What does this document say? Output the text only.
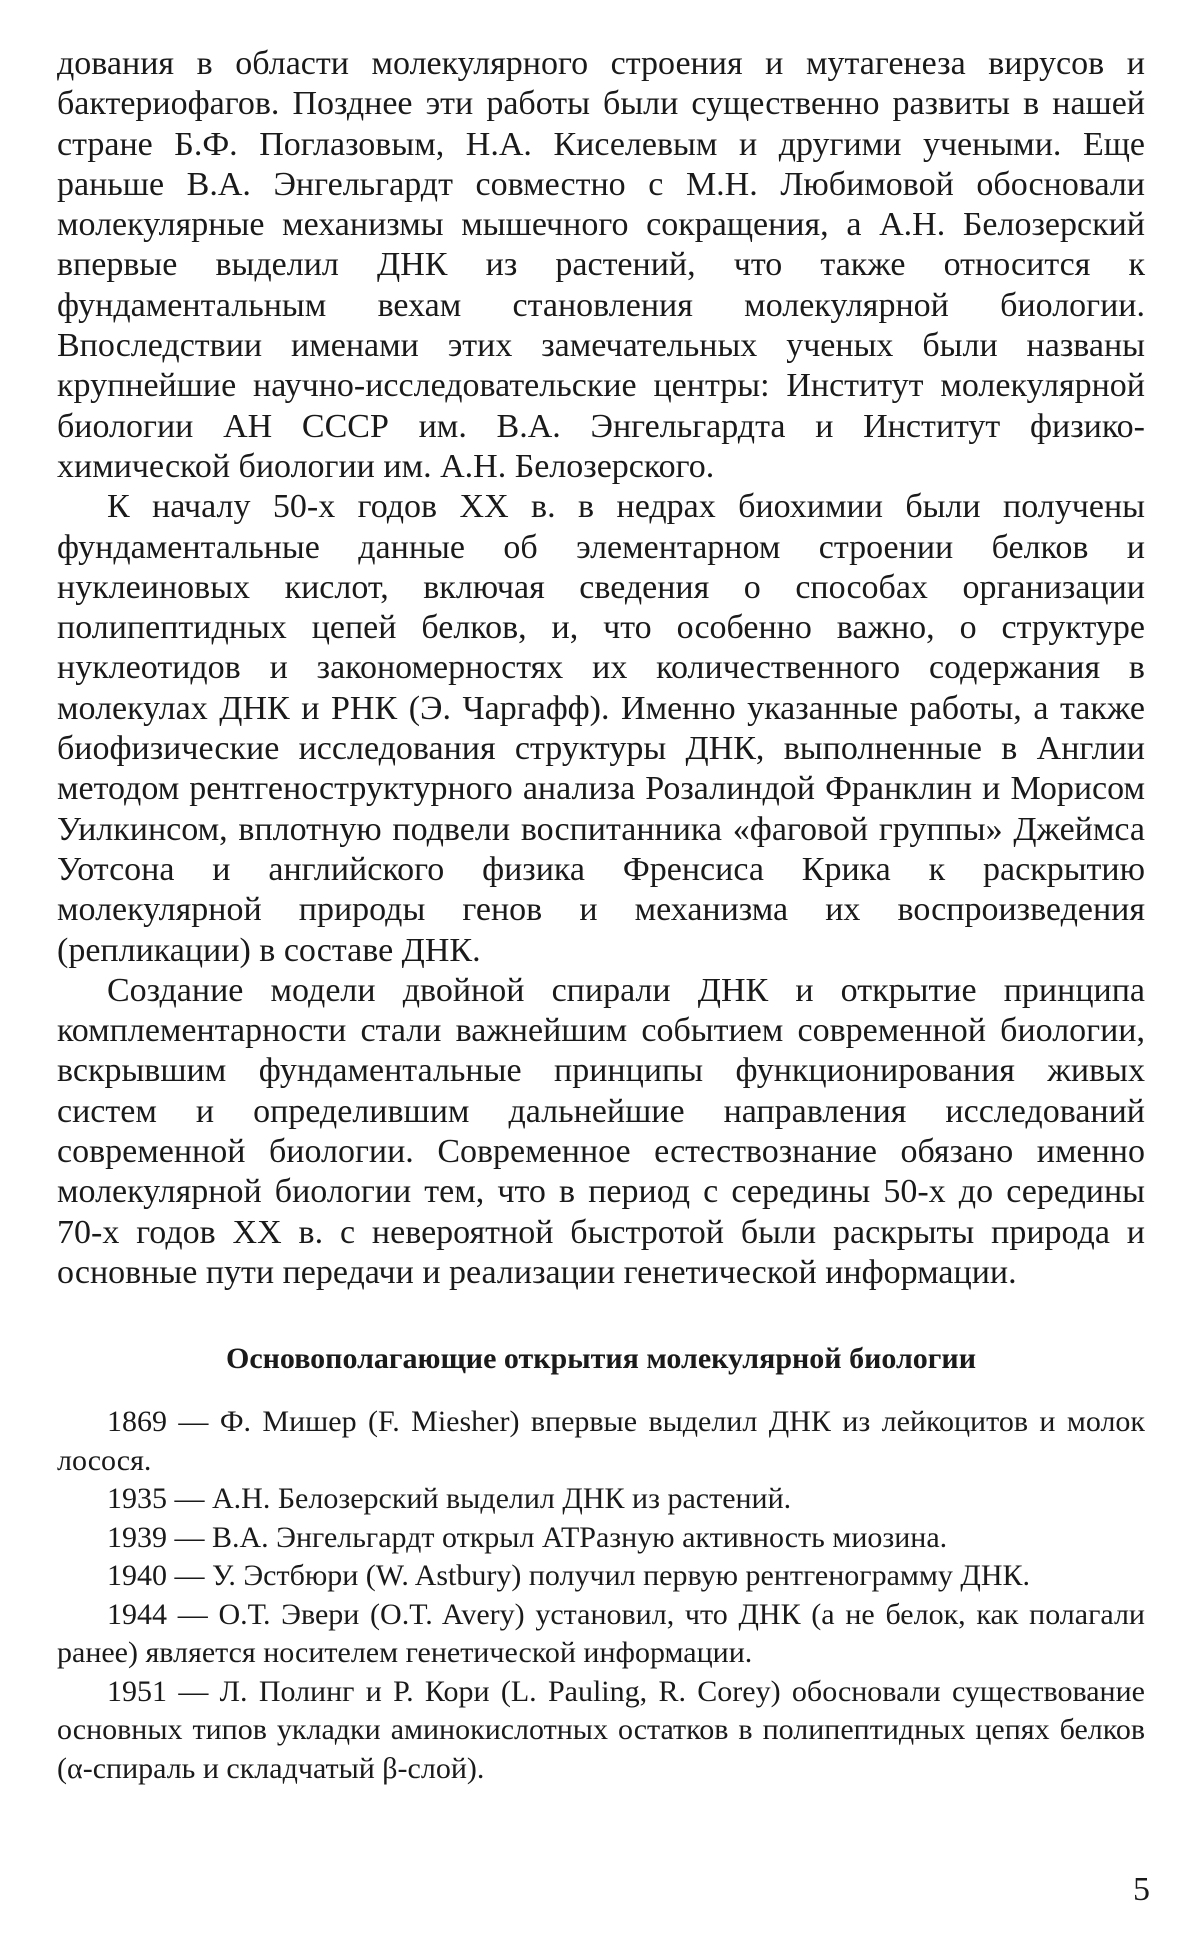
дования в области молекулярного строения и мутагенеза вирусов и бактериофагов. Позднее эти работы были существенно развиты в нашей стране Б.Ф. Поглазовым, Н.А. Киселевым и другими учеными. Еще раньше В.А. Энгельгардт совместно с М.Н. Любимовой обосновали молекулярные механизмы мышечного сокращения, а А.Н. Белозерский впервые выделил ДНК из растений, что также относится к фундаментальным вехам становления молекулярной биологии. Впоследствии именами этих замечательных ученых были названы крупнейшие научно-исследовательские центры: Институт молекулярной биологии АН СССР им. В.А. Энгельгардта и Институт физико-химической биологии им. А.Н. Белозерского.

К началу 50-х годов XX в. в недрах биохимии были получены фундаментальные данные об элементарном строении белков и нуклеиновых кислот, включая сведения о способах организации полипептидных цепей белков, и, что особенно важно, о структуре нуклеотидов и закономерностях их количественного содержания в молекулах ДНК и РНК (Э. Чаргафф). Именно указанные работы, а также биофизические исследования структуры ДНК, выполненные в Англии методом рентгеноструктурного анализа Розалиндой Франклин и Морисом Уилкинсом, вплотную подвели воспитанника «фаговой группы» Джеймса Уотсона и английского физика Френсиса Крика к раскрытию молекулярной природы генов и механизма их воспроизведения (репликации) в составе ДНК.

Создание модели двойной спирали ДНК и открытие принципа комплементарности стали важнейшим событием современной биологии, вскрывшим фундаментальные принципы функционирования живых систем и определившим дальнейшие направления исследований современной биологии. Современное естествознание обязано именно молекулярной биологии тем, что в период с середины 50-х до середины 70-х годов XX в. с невероятной быстротой были раскрыты природа и основные пути передачи и реализации генетической информации.

Основополагающие открытия молекулярной биологии
1869 — Ф. Мишер (F. Miesher) впервые выделил ДНК из лейкоцитов и молок лосося.
1935 — А.Н. Белозерский выделил ДНК из растений.
1939 — В.А. Энгельгардт открыл АТРазную активность миозина.
1940 — У. Эстбюри (W. Astbury) получил первую рентгенограмму ДНК.
1944 — О.Т. Эвери (O.T. Avery) установил, что ДНК (а не белок, как полагали ранее) является носителем генетической информации.
1951 — Л. Полинг и Р. Кори (L. Pauling, R. Corey) обосновали существование основных типов укладки аминокислотных остатков в полипептидных цепях белков (α-спираль и складчатый β-слой).
5
